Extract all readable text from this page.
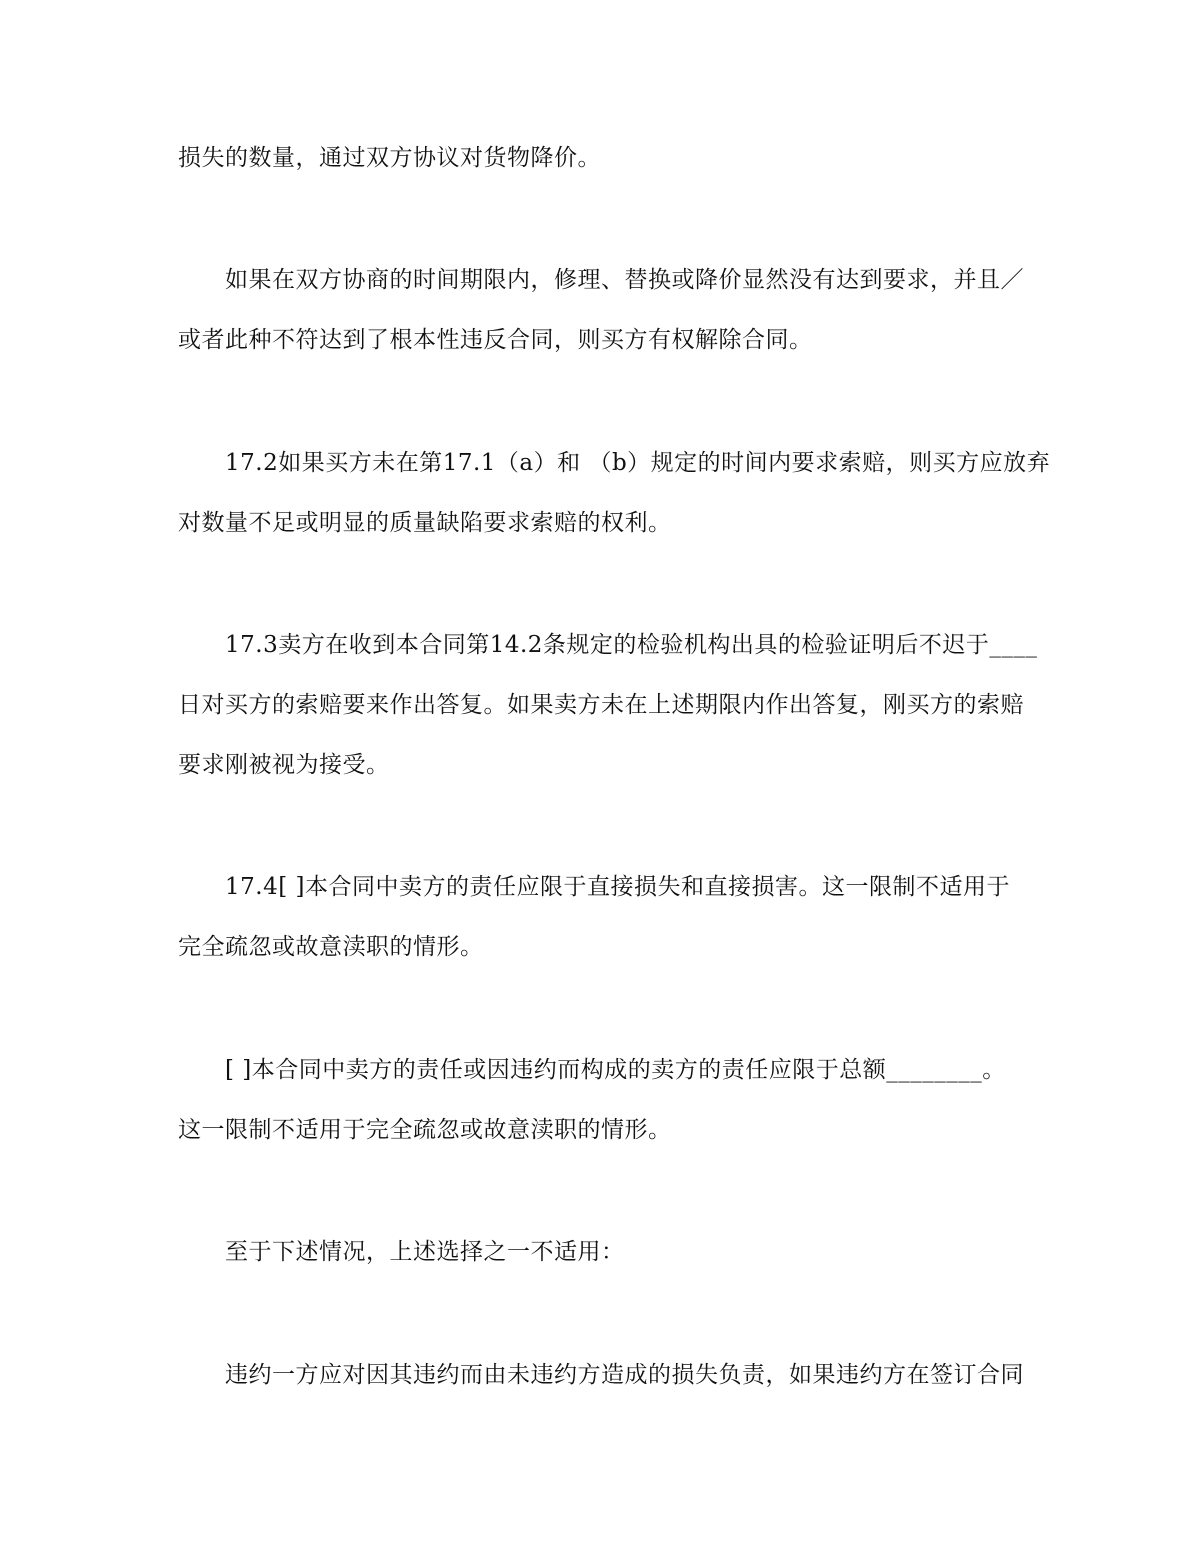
损失的数量，通过双方协议对货物降价。
如果在双方协商的时间期限内，修理、替换或降价显然没有达到要求，并且／
或者此种不符达到了根本性违反合同，则买方有权解除合同。
17.2如果买方未在第17.1（a）和 （b）规定的时间内要求索赔，则买方应放弃
对数量不足或明显的质量缺陷要求索赔的权利。
17.3卖方在收到本合同第14.2条规定的检验机构出具的检验证明后不迟于____
日对买方的索赔要来作出答复。如果卖方未在上述期限内作出答复，刚买方的索赔
要求刚被视为接受。
17.4[ ]本合同中卖方的责任应限于直接损失和直接损害。这一限制不适用于
完全疏忽或故意渎职的情形。
[ ]本合同中卖方的责任或因违约而构成的卖方的责任应限于总额________。
这一限制不适用于完全疏忽或故意渎职的情形。
至于下述情况，上述选择之一不适用：
违约一方应对因其违约而由未违约方造成的损失负责，如果违约方在签订合同
